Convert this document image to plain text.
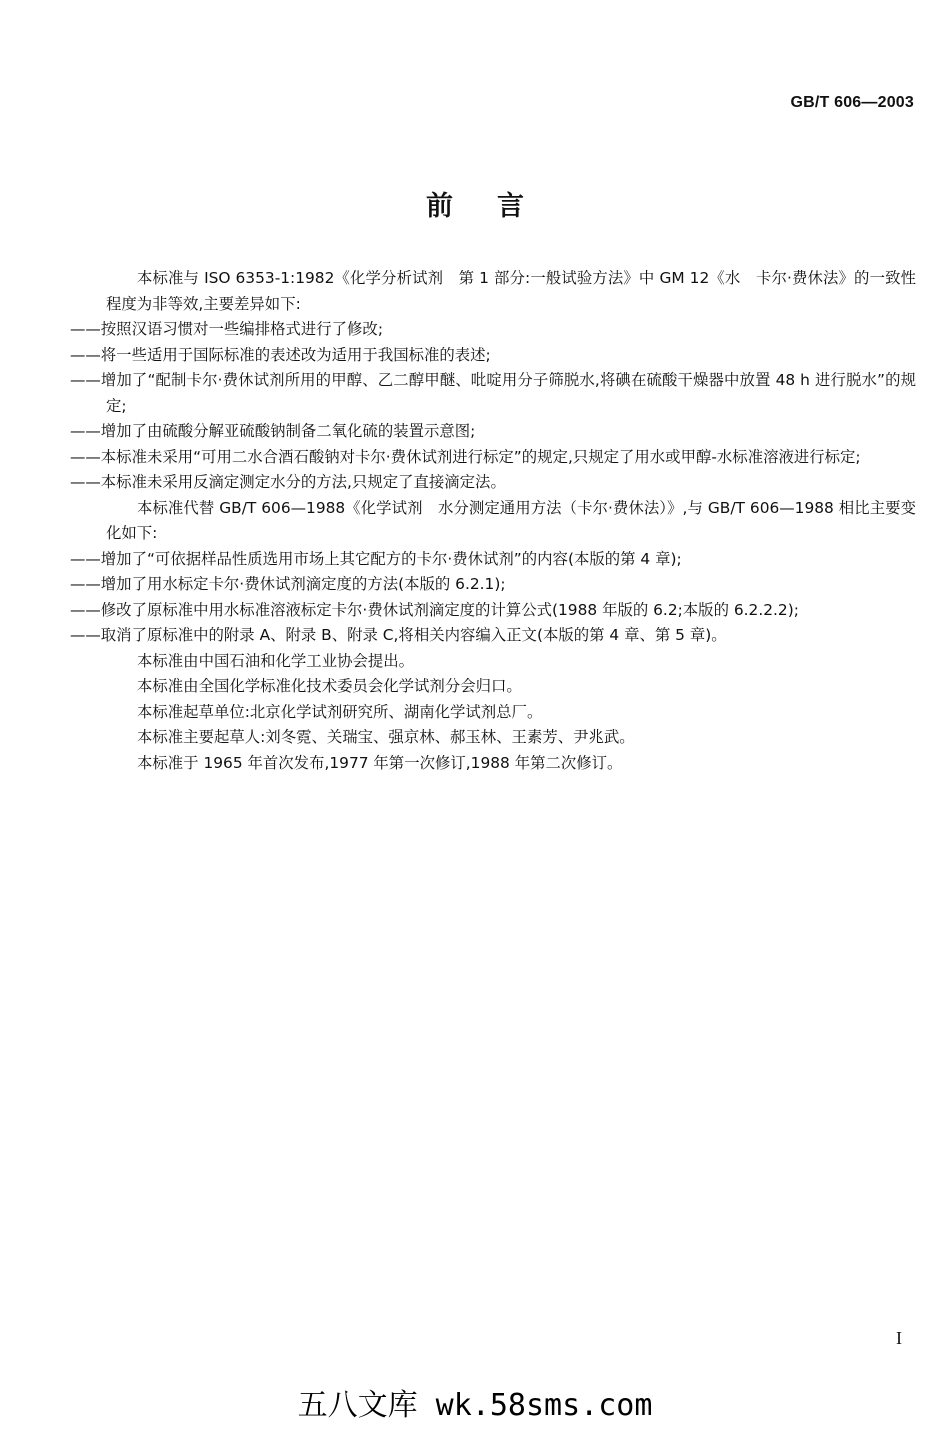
GB/T 606—2003
前言

本标准与 ISO 6353-1:1982《化学分析试剂　第 1 部分:一般试验方法》中 GM 12《水　卡尔·费休法》的一致性程度为非等效,主要差异如下:

——按照汉语习惯对一些编排格式进行了修改;

——将一些适用于国际标准的表述改为适用于我国标准的表述;

——增加了“配制卡尔·费休试剂所用的甲醇、乙二醇甲醚、吡啶用分子筛脱水,将碘在硫酸干燥器中放置 48 h 进行脱水”的规定;

——增加了由硫酸分解亚硫酸钠制备二氧化硫的装置示意图;

——本标准未采用“可用二水合酒石酸钠对卡尔·费休试剂进行标定”的规定,只规定了用水或甲醇-水标准溶液进行标定;

——本标准未采用反滴定测定水分的方法,只规定了直接滴定法。

本标准代替 GB/T 606—1988《化学试剂　水分测定通用方法（卡尔·费休法）》,与 GB/T 606—1988 相比主要变化如下:

——增加了“可依据样品性质选用市场上其它配方的卡尔·费休试剂”的内容(本版的第 4 章);

——增加了用水标定卡尔·费休试剂滴定度的方法(本版的 6.2.1);

——修改了原标准中用水标准溶液标定卡尔·费休试剂滴定度的计算公式(1988 年版的 6.2;本版的 6.2.2.2);

——取消了原标准中的附录 A、附录 B、附录 C,将相关内容编入正文(本版的第 4 章、第 5 章)。

本标准由中国石油和化学工业协会提出。

本标准由全国化学标准化技术委员会化学试剂分会归口。

本标准起草单位:北京化学试剂研究所、湖南化学试剂总厂。

本标准主要起草人:刘冬霓、关瑞宝、强京林、郝玉林、王素芳、尹兆武。

本标准于 1965 年首次发布,1977 年第一次修订,1988 年第二次修订。

I
五八文库 wk.58sms.com
